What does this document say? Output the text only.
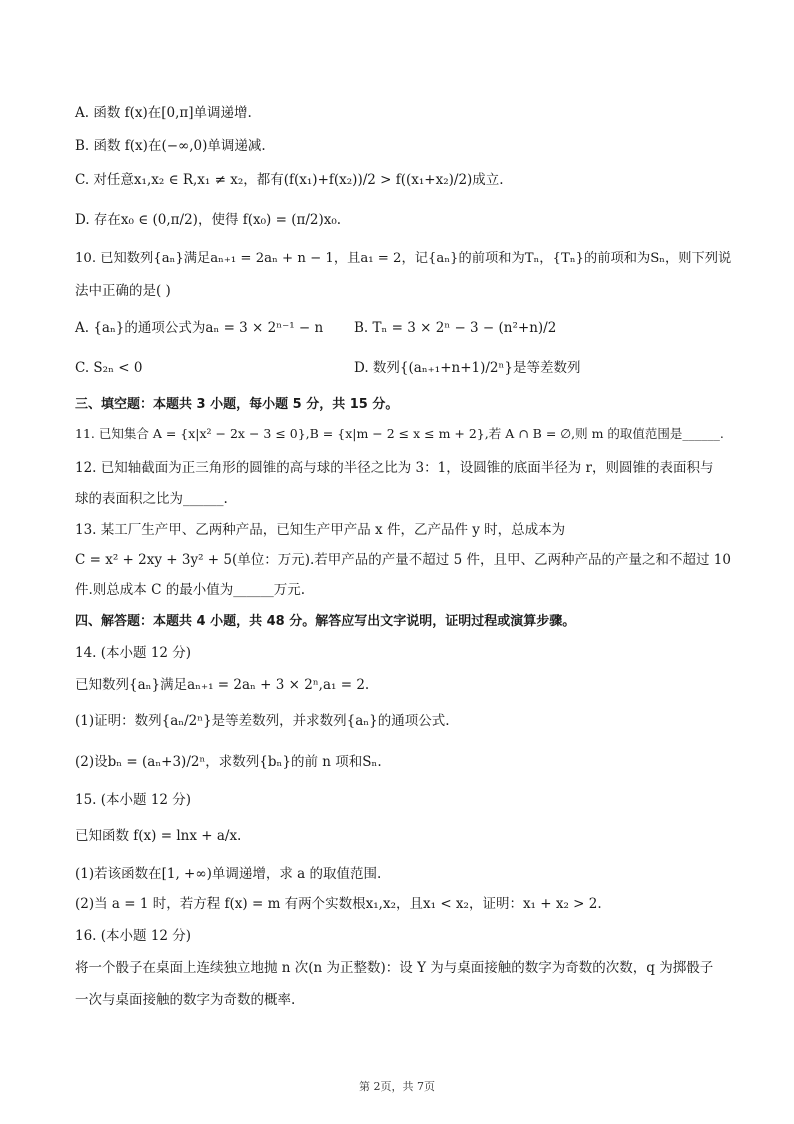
A. 函数 f(x)在[0,π]单调递增.
B. 函数 f(x)在(−∞,0)单调递减.
C. 对任意x₁,x₂ ∈ R,x₁ ≠ x₂，都有(f(x₁)+f(x₂))/2 > f((x₁+x₂)/2)成立.
D. 存在x₀ ∈ (0,π/2)，使得 f(x₀) = (π/2)x₀.
10. 已知数列{aₙ}满足aₙ₊₁ = 2aₙ + n − 1，且a₁ = 2，记{aₙ}的前项和为Tₙ，{Tₙ}的前项和为Sₙ，则下列说
法中正确的是( )
A. {aₙ}的通项公式为aₙ = 3 × 2ⁿ⁻¹ − n	B. Tₙ = 3 × 2ⁿ − 3 − (n²+n)/2
C. S₂ₙ < 0	D. 数列{(aₙ₊₁+n+1)/2ⁿ}是等差数列
三、填空题：本题共 3 小题，每小题 5 分，共 15 分。
11. 已知集合 A = {x|x² − 2x − 3 ≤ 0},B = {x|m − 2 ≤ x ≤ m + 2},若 A ∩ B = ∅,则 m 的取值范围是______.
12. 已知轴截面为正三角形的圆锥的高与球的半径之比为 3：1，设圆锥的底面半径为 r，则圆锥的表面积与
球的表面积之比为______.
13. 某工厂生产甲、乙两种产品，已知生产甲产品 x 件，乙产品件 y 时，总成本为
C = x² + 2xy + 3y² + 5(单位：万元).若甲产品的产量不超过 5 件，且甲、乙两种产品的产量之和不超过 10
件.则总成本 C 的最小值为______万元.
四、解答题：本题共 4 小题，共 48 分。解答应写出文字说明，证明过程或演算步骤。
14. (本小题 12 分)
已知数列{aₙ}满足aₙ₊₁ = 2aₙ + 3 × 2ⁿ,a₁ = 2.
(1)证明：数列{aₙ/2ⁿ}是等差数列，并求数列{aₙ}的通项公式.
(2)设bₙ = (aₙ+3)/2ⁿ，求数列{bₙ}的前 n 项和Sₙ.
15. (本小题 12 分)
已知函数 f(x) = lnx + a/x.
(1)若该函数在[1, +∞)单调递增，求 a 的取值范围.
(2)当 a = 1 时，若方程 f(x) = m 有两个实数根x₁,x₂，且x₁ < x₂，证明：x₁ + x₂ > 2.
16. (本小题 12 分)
将一个骰子在桌面上连续独立地抛 n 次(n 为正整数)：设 Y 为与桌面接触的数字为奇数的次数，q 为掷骰子
一次与桌面接触的数字为奇数的概率.
第 2页，共 7页
